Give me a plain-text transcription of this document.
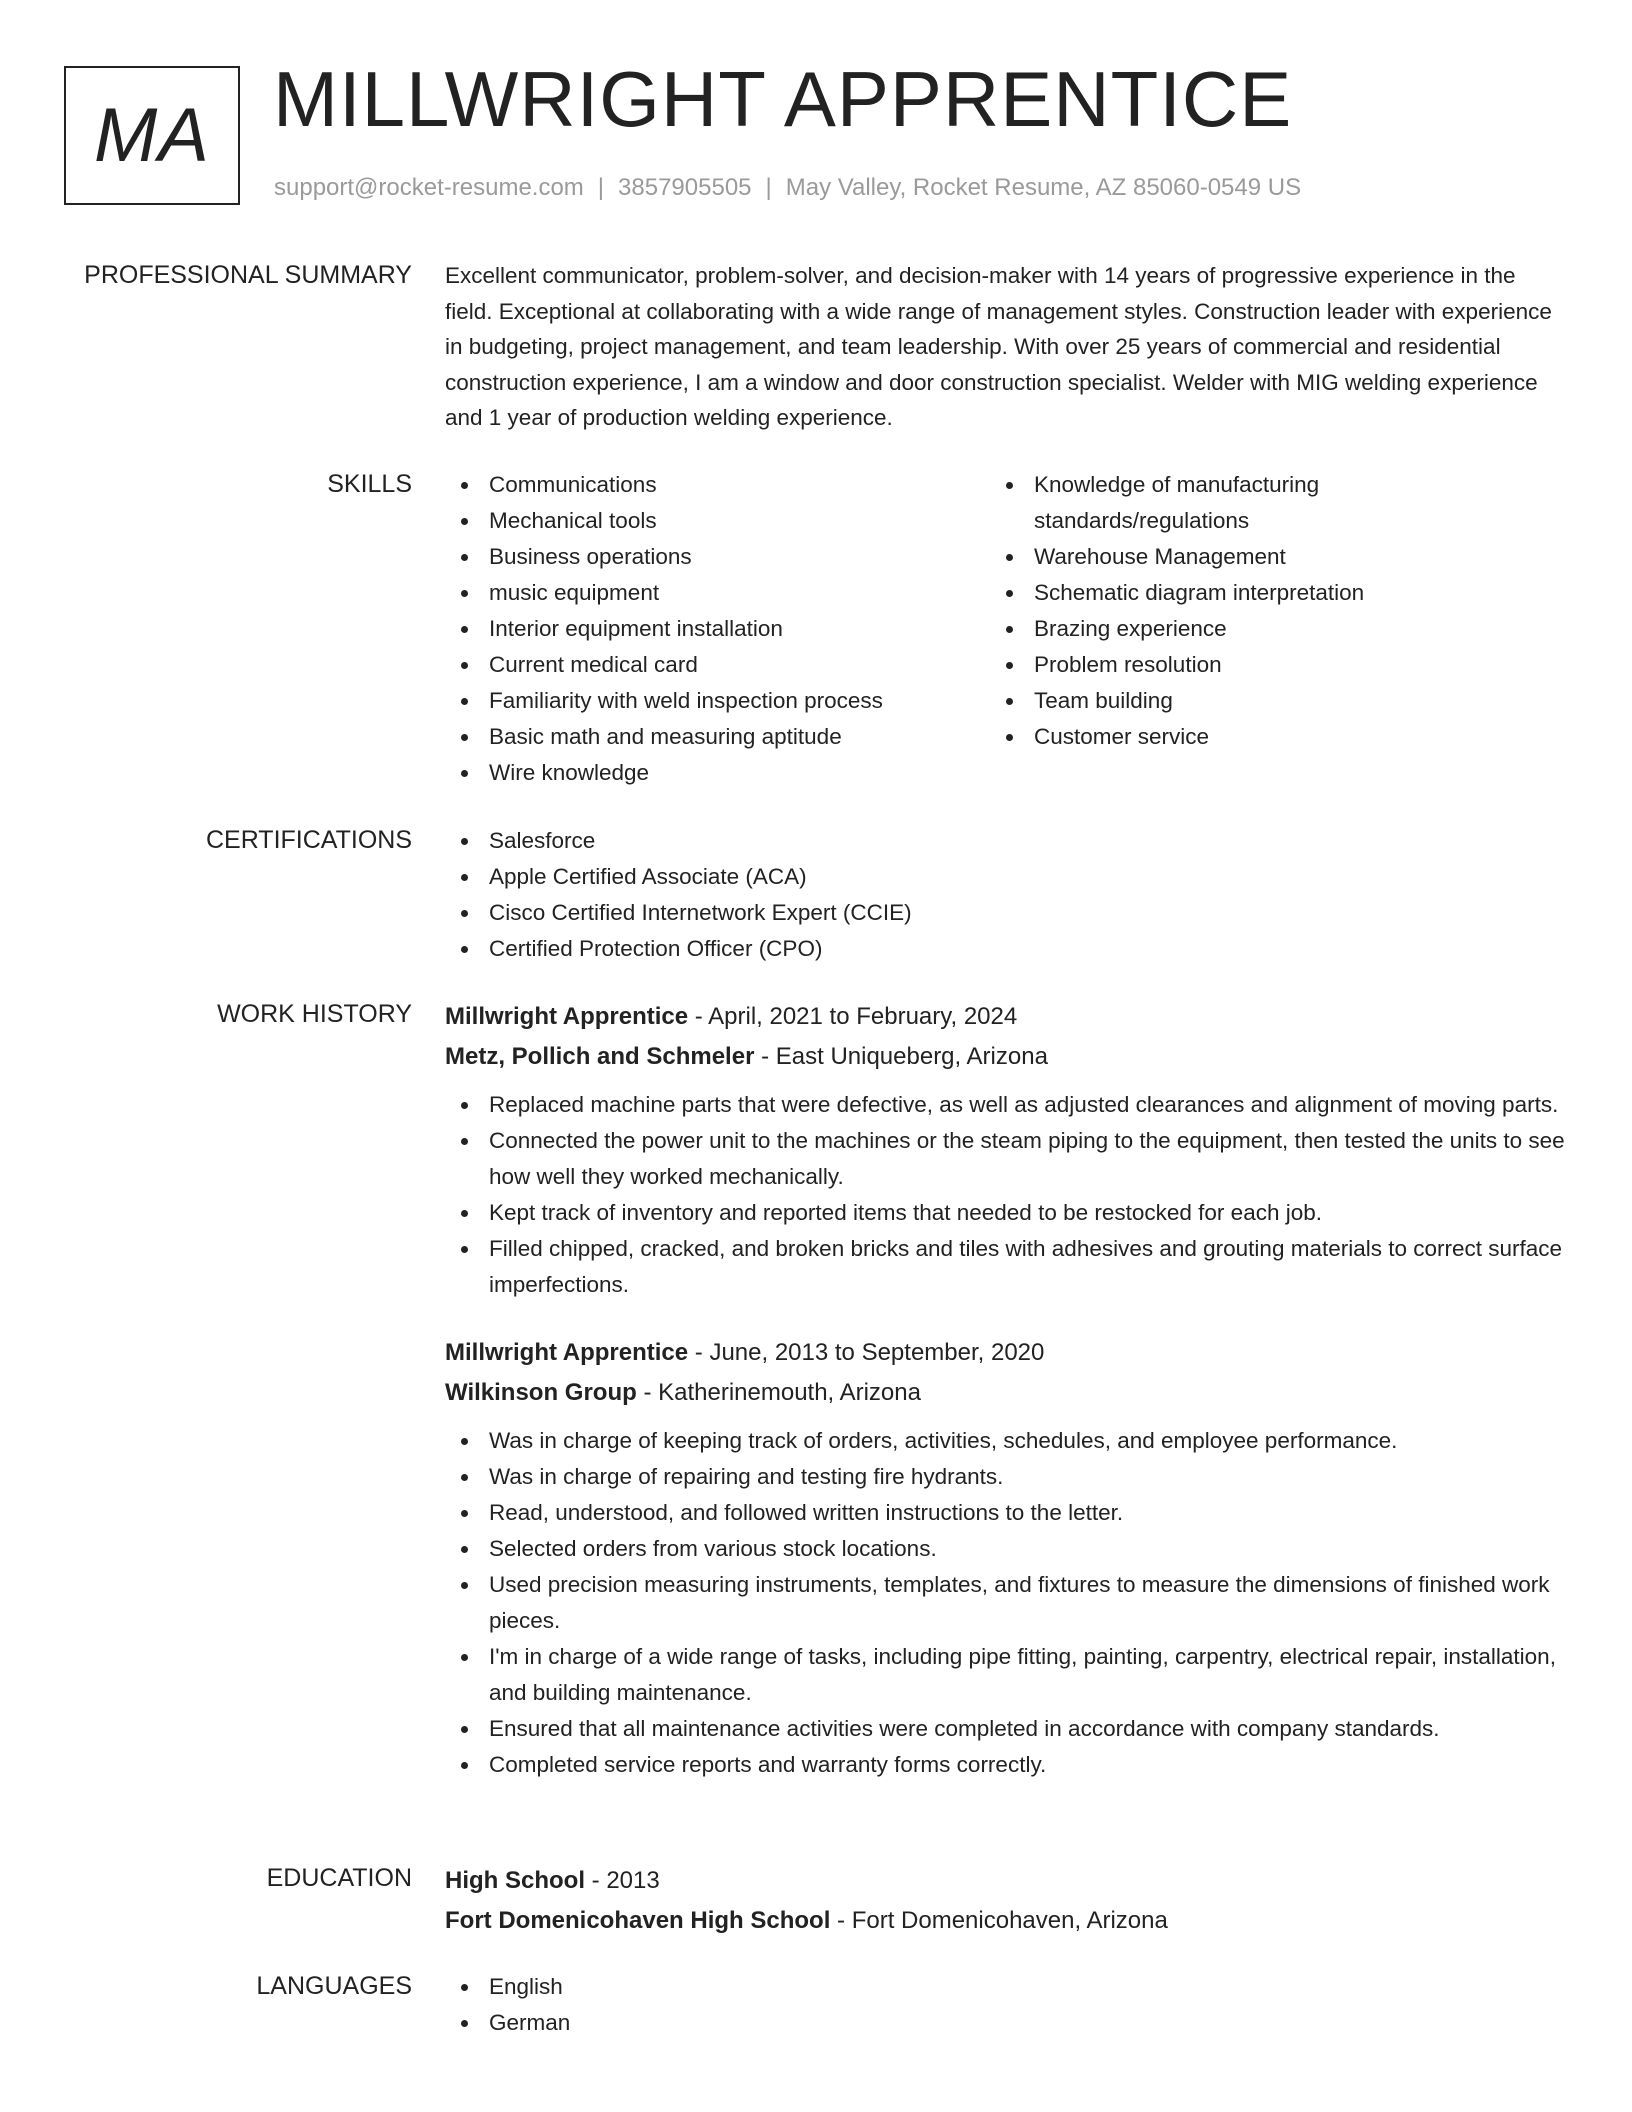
MA MILLWRIGHT APPRENTICE
support@rocket-resume.com | 3857905505 | May Valley, Rocket Resume, AZ 85060-0549 US
PROFESSIONAL SUMMARY Excellent communicator, problem-solver, and decision-maker with 14 years of progressive experience in the field. Exceptional at collaborating with a wide range of management styles. Construction leader with experience in budgeting, project management, and team leadership. With over 25 years of commercial and residential construction experience, I am a window and door construction specialist. Welder with MIG welding experience and 1 year of production welding experience.

SKILLS	Communications
Mechanical tools
Business operations
music equipment
Interior equipment installation
Current medical card
Familiarity with weld inspection process
Basic math and measuring aptitude
Wire knowledge
Knowledge of manufacturing standards/regulations
Warehouse Management
Schematic diagram interpretation
Brazing experience
Problem resolution
Team building
Customer service
CERTIFICATIONS	Salesforce
Apple Certified Associate (ACA)
Cisco Certified Internetwork Expert (CCIE)
Certified Protection Officer (CPO)
WORK HISTORY Millwright Apprentice - April, 2021 to February, 2024
Metz, Pollich and Schmeler - East Uniqueberg, Arizona
Replaced machine parts that were defective, as well as adjusted clearances and alignment of moving parts.
Connected the power unit to the machines or the steam piping to the equipment, then tested the units to see how well they worked mechanically.
Kept track of inventory and reported items that needed to be restocked for each job.
Filled chipped, cracked, and broken bricks and tiles with adhesives and grouting materials to correct surface imperfections.
Millwright Apprentice - June, 2013 to September, 2020
Wilkinson Group - Katherinemouth, Arizona
Was in charge of keeping track of orders, activities, schedules, and employee performance.
Was in charge of repairing and testing fire hydrants.
Read, understood, and followed written instructions to the letter.
Selected orders from various stock locations.
Used precision measuring instruments, templates, and fixtures to measure the dimensions of finished work pieces.
I'm in charge of a wide range of tasks, including pipe fitting, painting, carpentry, electrical repair, installation, and building maintenance.
Ensured that all maintenance activities were completed in accordance with company standards.
Completed service reports and warranty forms correctly.
EDUCATION High School - 2013
Fort Domenicohaven High School - Fort Domenicohaven, Arizona
LANGUAGES	English
German
